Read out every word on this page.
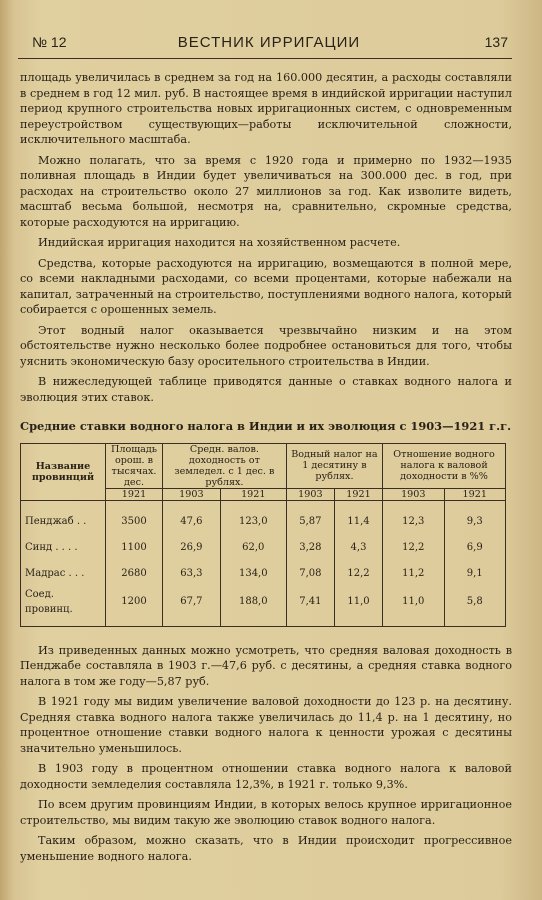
№ 12	ВЕСТНИК ИРРИГАЦИИ	137

площадь увеличилась в среднем за год на 160.000 десятин, а расходы составляли в среднем в год 12 мил. руб. В настоящее время в индийской ирригации наступил период крупного строительства новых ирригационных систем, с одновременным переустройством существующих—работы исключительной сложности, исключительного масштаба.

Можно полагать, что за время с 1920 года и примерно по 1932—1935 поливная площадь в Индии будет увеличиваться на 300.000 дес. в год, при расходах на строительство около 27 миллионов за год. Как изволите видеть, масштаб весьма большой, несмотря на, сравнительно, скромные средства, которые расходуются на ирригацию.

Индийская ирригация находится на хозяйственном расчете.

Средства, которые расходуются на ирригацию, возмещаются в полной мере, со всеми накладными расходами, со всеми процентами, которые набежали на капитал, затраченный на строительство, поступлениями водного налога, который собирается с орошенных земель.

Этот водный налог оказывается чрезвычайно низким и на этом обстоятельстве нужно несколько более подробнее остановиться для того, чтобы уяснить экономическую базу оросительного строительства в Индии.

В нижеследующей таблице приводятся данные о ставках водного налога и эволюция этих ставок.

Средние ставки водного налога в Индии и их эволюция с 1903—1921 г.г.
Название провинций	Площадь орош. в тысячах. дес.	Средн. валов. доходность от земледел. с 1 дес. в рублях.		Водный налог на 1 десятину в рублях.		Отношение водного налога к валовой доходности в %%	
	1921	1903	1921	1903	1921	1903	1921

Пенджаб . .	3500	47,6	123,0	5,87	11,4	12,3	9,3
Синд . . . .	1100	26,9	62,0	3,28	4,3	12,2	6,9
Мадрас . . .	2680	63,3	134,0	7,08	12,2	11,2	9,1
Соед. провинц.	1200	67,7	188,0	7,41	11,0	11,0	5,8

Из приведенных данных можно усмотреть, что средняя валовая доходность в Пенджабе составляла в 1903 г.—47,6 руб. с десятины, а средняя ставка водного налога в том же году—5,87 руб.

В 1921 году мы видим увеличение валовой доходности до 123 р. на десятину. Средняя ставка водного налога также увеличилась до 11,4 р. на 1 десятину, но процентное отношение ставки водного налога к ценности урожая с десятины значительно уменьшилось.

В 1903 году в процентном отношении ставка водного налога к валовой доходности земледелия составляла 12,3%, в 1921 г. только 9,3%.

По всем другим провинциям Индии, в которых велось крупное ирригационное строительство, мы видим такую же эволюцию ставок водного налога.

Таким образом, можно сказать, что в Индии происходит прогрессивное уменьшение водного налога.
